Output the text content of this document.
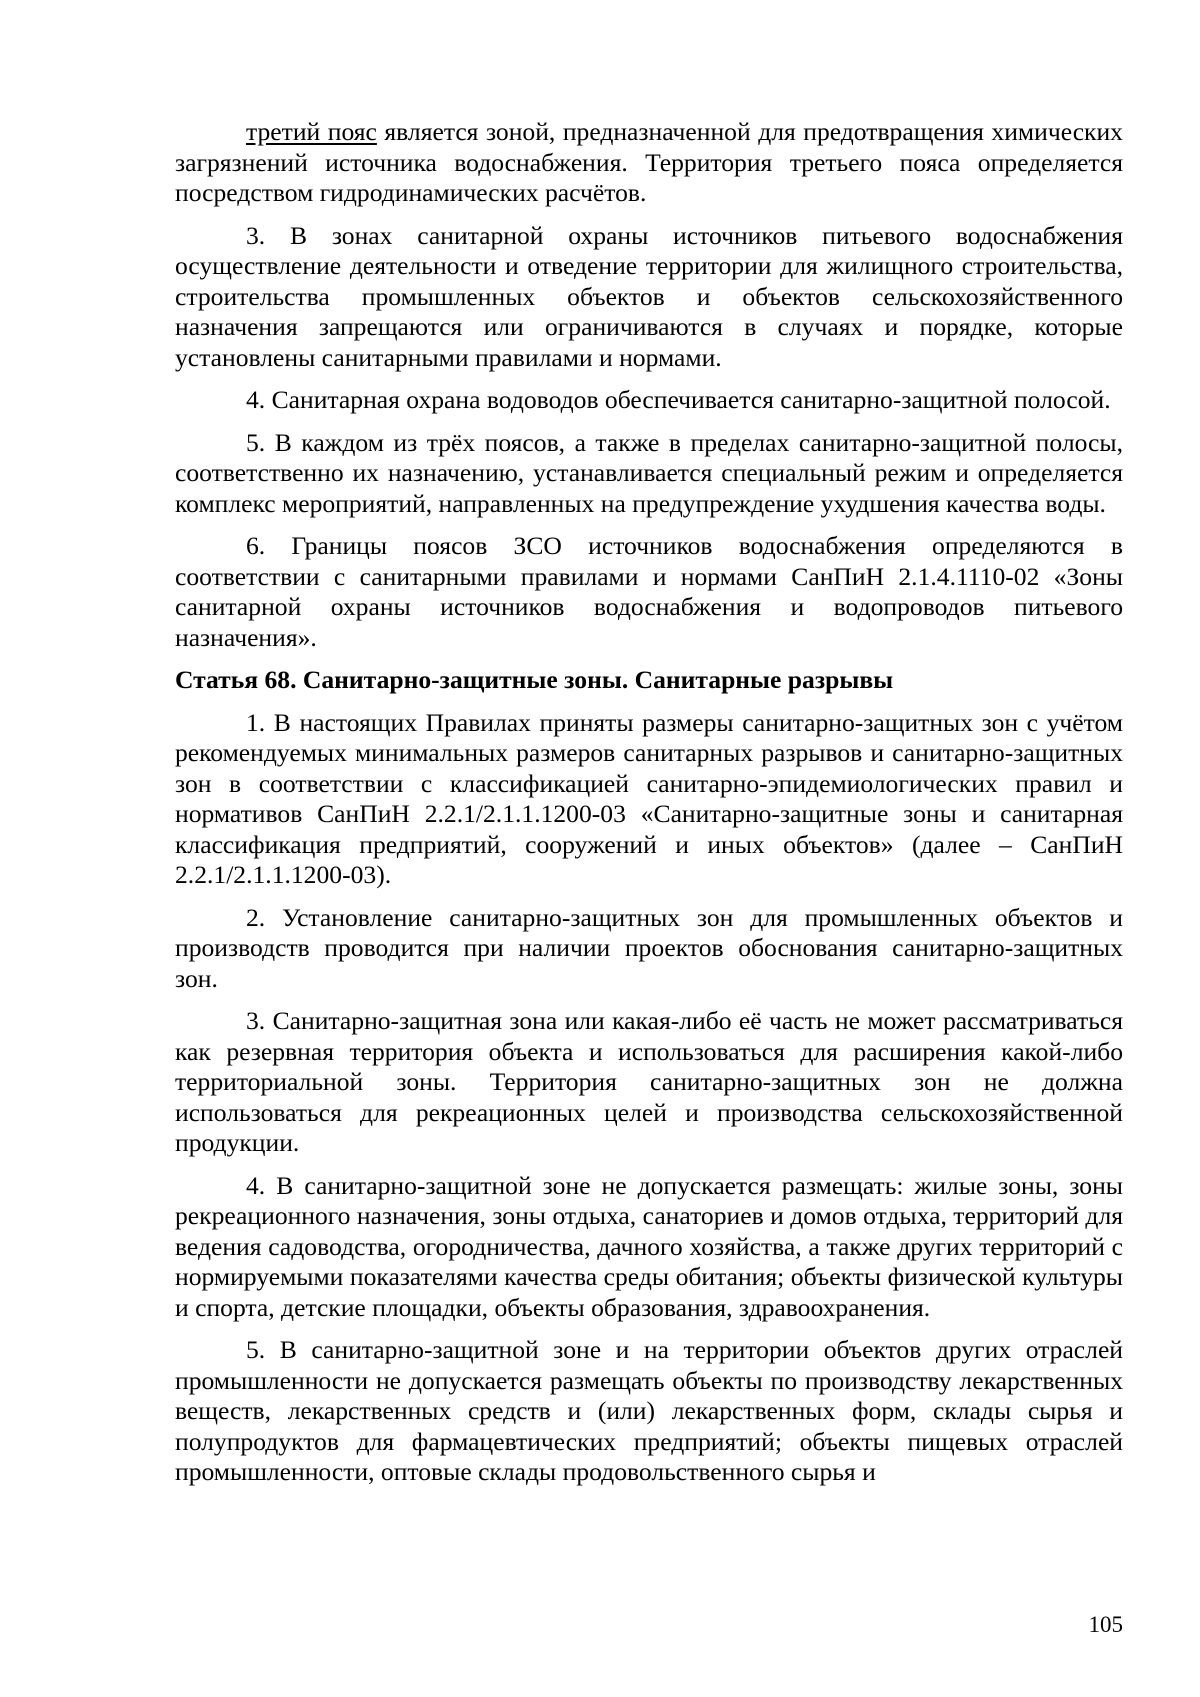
третий пояс является зоной, предназначенной для предотвращения химических загрязнений источника водоснабжения. Территория третьего пояса определяется посредством гидродинамических расчётов.

3. В зонах санитарной охраны источников питьевого водоснабжения осуществление деятельности и отведение территории для жилищного строительства, строительства промышленных объектов и объектов сельскохозяйственного назначения запрещаются или ограничиваются в случаях и порядке, которые установлены санитарными правилами и нормами.

4. Санитарная охрана водоводов обеспечивается санитарно-защитной полосой.

5. В каждом из трёх поясов, а также в пределах санитарно-защитной полосы, соответственно их назначению, устанавливается специальный режим и определяется комплекс мероприятий, направленных на предупреждение ухудшения качества воды.

6. Границы поясов ЗСО источников водоснабжения определяются в соответствии с санитарными правилами и нормами СанПиН 2.1.4.1110-02 «Зоны санитарной охраны источников водоснабжения и водопроводов питьевого назначения».

Статья 68. Санитарно-защитные зоны. Санитарные разрывы

1. В настоящих Правилах приняты размеры санитарно-защитных зон с учётом рекомендуемых минимальных размеров санитарных разрывов и санитарно-защитных зон в соответствии с классификацией санитарно-эпидемиологических правил и нормативов СанПиН 2.2.1/2.1.1.1200-03 «Санитарно-защитные зоны и санитарная классификация предприятий, сооружений и иных объектов» (далее – СанПиН 2.2.1/2.1.1.1200-03).

2. Установление санитарно-защитных зон для промышленных объектов и производств проводится при наличии проектов обоснования санитарно-защитных зон.

3. Санитарно-защитная зона или какая-либо её часть не может рассматриваться как резервная территория объекта и использоваться для расширения какой-либо территориальной зоны. Территория санитарно-защитных зон не должна использоваться для рекреационных целей и производства сельскохозяйственной продукции.

4. В санитарно-защитной зоне не допускается размещать: жилые зоны, зоны рекреационного назначения, зоны отдыха, санаториев и домов отдыха, территорий для ведения садоводства, огородничества, дачного хозяйства, а также других территорий с нормируемыми показателями качества среды обитания; объекты физической культуры и спорта, детские площадки, объекты образования, здравоохранения.

5. В санитарно-защитной зоне и на территории объектов других отраслей промышленности не допускается размещать объекты по производству лекарственных веществ, лекарственных средств и (или) лекарственных форм, склады сырья и полупродуктов для фармацевтических предприятий; объекты пищевых отраслей промышленности, оптовые склады продовольственного сырья и

105
